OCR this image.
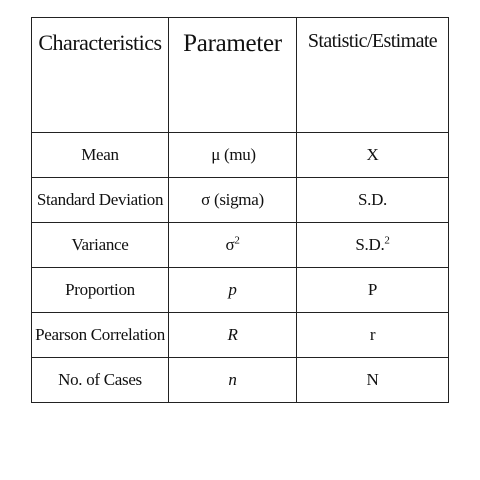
Characteristics	Parameter	Statistic/Estimate
Mean	μ (mu)	X
Standard Deviation	σ (sigma)	S.D.
Variance	$\sigma^2$	S.D.$^2$
Proportion	p	P
Pearson Correlation	R	r
No. of Cases	n	N
